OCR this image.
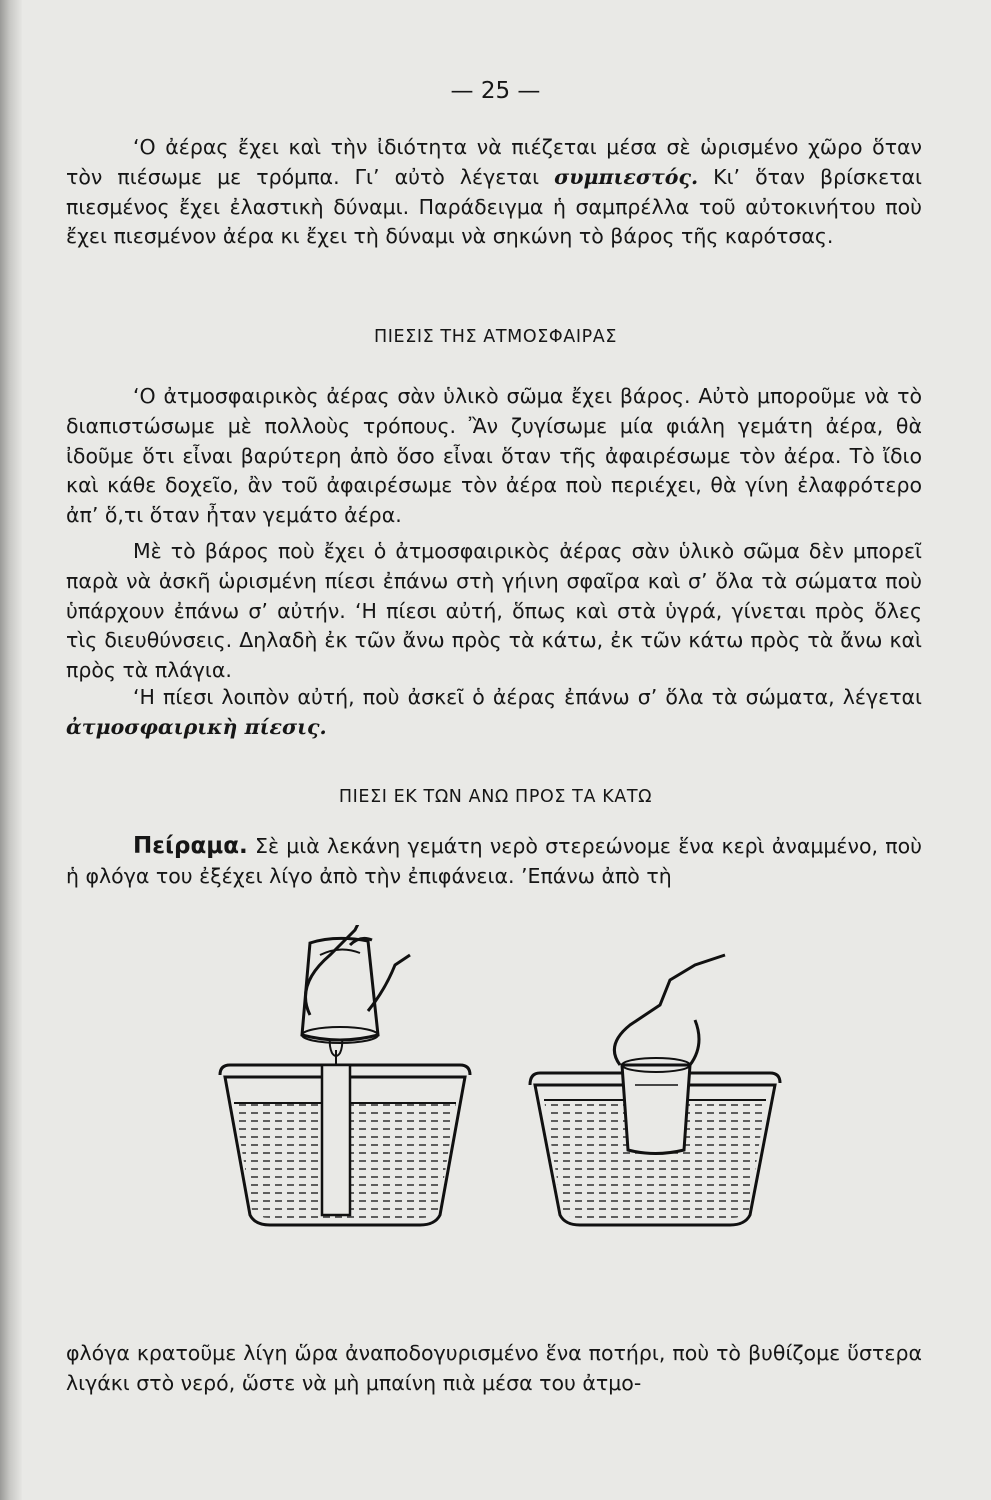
— 25 —

‘Ο ἀέρας ἔχει καὶ τὴν ἰδιότητα νὰ πιέζεται μέσα σὲ ὡρισμένο χῶρο ὅταν τὸν πιέσωμε με τρόμπα. Γι’ αὐτὸ λέγεται συμπιεστός. Κι’ ὅταν βρίσκεται πιεσμένος ἔχει ἐλαστικὴ δύναμι. Παράδειγμα ἡ σαμπρέλλα τοῦ αὐτοκινήτου ποὺ ἔχει πιεσμένον ἀέρα κι ἔχει τὴ δύναμι νὰ σηκώνη τὸ βάρος τῆς καρότσας.

ΠΙΕΣΙΣ ΤΗΣ ΑΤΜΟΣΦΑΙΡΑΣ

‘Ο ἀτμοσφαιρικὸς ἀέρας σὰν ὑλικὸ σῶμα ἔχει βάρος. Αὐτὸ μποροῦμε νὰ τὸ διαπιστώσωμε μὲ πολλοὺς τρόπους. Ἂν ζυγίσωμε μία φιάλη γεμάτη ἀέρα, θὰ ἰδοῦμε ὅτι εἶναι βαρύτερη ἀπὸ ὅσο εἶναι ὅταν τῆς ἀφαιρέσωμε τὸν ἀέρα. Τὸ ἴδιο καὶ κάθε δοχεῖο, ἂν τοῦ ἀφαιρέσωμε τὸν ἀέρα ποὺ περιέχει, θὰ γίνη ἐλαφρότερο ἀπ’ ὅ,τι ὅταν ἦταν γεμάτο ἀέρα.

Μὲ τὸ βάρος ποὺ ἔχει ὁ ἀτμοσφαιρικὸς ἀέρας σὰν ὑλικὸ σῶμα δὲν μπορεῖ παρὰ νὰ ἀσκῆ ὡρισμένη πίεσι ἐπάνω στὴ γήινη σφαῖρα καὶ σ’ ὅλα τὰ σώματα ποὺ ὑπάρχουν ἐπάνω σ’ αὐτήν. ‘Η πίεσι αὐτή, ὅπως καὶ στὰ ὑγρά, γίνεται πρὸς ὅλες τὶς διευθύνσεις. Δηλαδὴ ἐκ τῶν ἄνω πρὸς τὰ κάτω, ἐκ τῶν κάτω πρὸς τὰ ἄνω καὶ πρὸς τὰ πλάγια.

‘Η πίεσι λοιπὸν αὐτή, ποὺ ἀσκεῖ ὁ ἀέρας ἐπάνω σ’ ὅλα τὰ σώματα, λέγεται ἀτμοσφαιρικὴ πίεσις.

ΠΙΕΣΙ ΕΚ ΤΩΝ ΑΝΩ ΠΡΟΣ ΤΑ ΚΑΤΩ

Πείραμα. Σὲ μιὰ λεκάνη γεμάτη νερὸ στερεώνομε ἕνα κερὶ ἀναμμένο, ποὺ ἡ φλόγα του ἐξέχει λίγο ἀπὸ τὴν ἐπιφάνεια. ’Επάνω ἀπὸ τὴ

φλόγα κρατοῦμε λίγη ὥρα ἀναποδογυρισμένο ἕνα ποτήρι, ποὺ τὸ βυθίζομε ὕστερα λιγάκι στὸ νερό, ὥστε νὰ μὴ μπαίνη πιὰ μέσα του ἀτμο-
